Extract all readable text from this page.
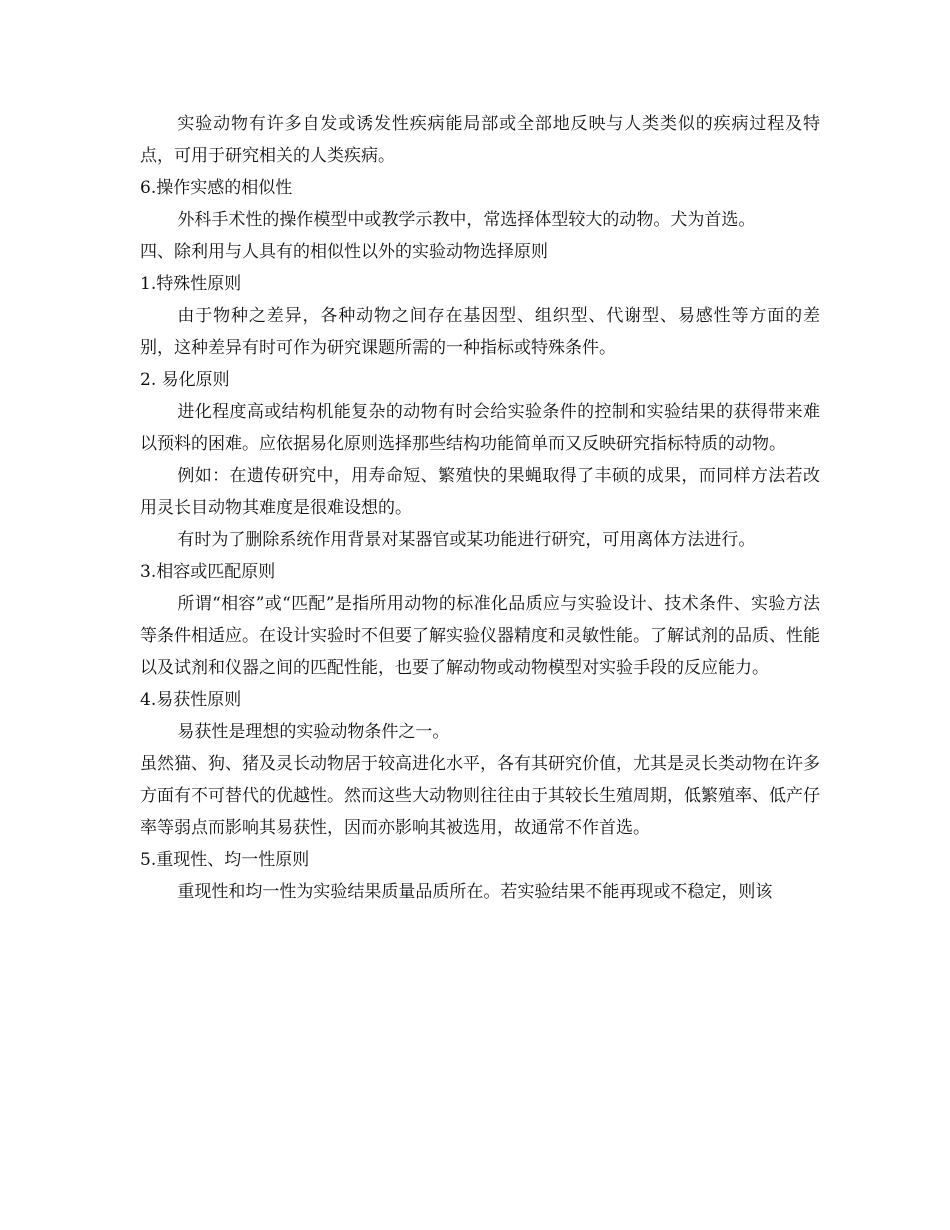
实验动物有许多自发或诱发性疾病能局部或全部地反映与人类类似的疾病过程及特点，可用于研究相关的人类疾病。

6.操作实感的相似性

外科手术性的操作模型中或教学示教中，常选择体型较大的动物。犬为首选。

四、除利用与人具有的相似性以外的实验动物选择原则

1.特殊性原则

由于物种之差异，各种动物之间存在基因型、组织型、代谢型、易感性等方面的差别，这种差异有时可作为研究课题所需的一种指标或特殊条件。

2. 易化原则

进化程度高或结构机能复杂的动物有时会给实验条件的控制和实验结果的获得带来难以预料的困难。应依据易化原则选择那些结构功能简单而又反映研究指标特质的动物。

例如：在遗传研究中，用寿命短、繁殖快的果蝇取得了丰硕的成果，而同样方法若改用灵长目动物其难度是很难设想的。

有时为了删除系统作用背景对某器官或某功能进行研究，可用离体方法进行。

3.相容或匹配原则

所谓“相容”或“匹配”是指所用动物的标准化品质应与实验设计、技术条件、实验方法等条件相适应。在设计实验时不但要了解实验仪器精度和灵敏性能。了解试剂的品质、性能以及试剂和仪器之间的匹配性能，也要了解动物或动物模型对实验手段的反应能力。

4.易获性原则

易获性是理想的实验动物条件之一。

虽然猫、狗、猪及灵长动物居于较高进化水平，各有其研究价值，尤其是灵长类动物在许多方面有不可替代的优越性。然而这些大动物则往往由于其较长生殖周期，低繁殖率、低产仔率等弱点而影响其易获性，因而亦影响其被选用，故通常不作首选。

5.重现性、均一性原则

重现性和均一性为实验结果质量品质所在。若实验结果不能再现或不稳定，则该
